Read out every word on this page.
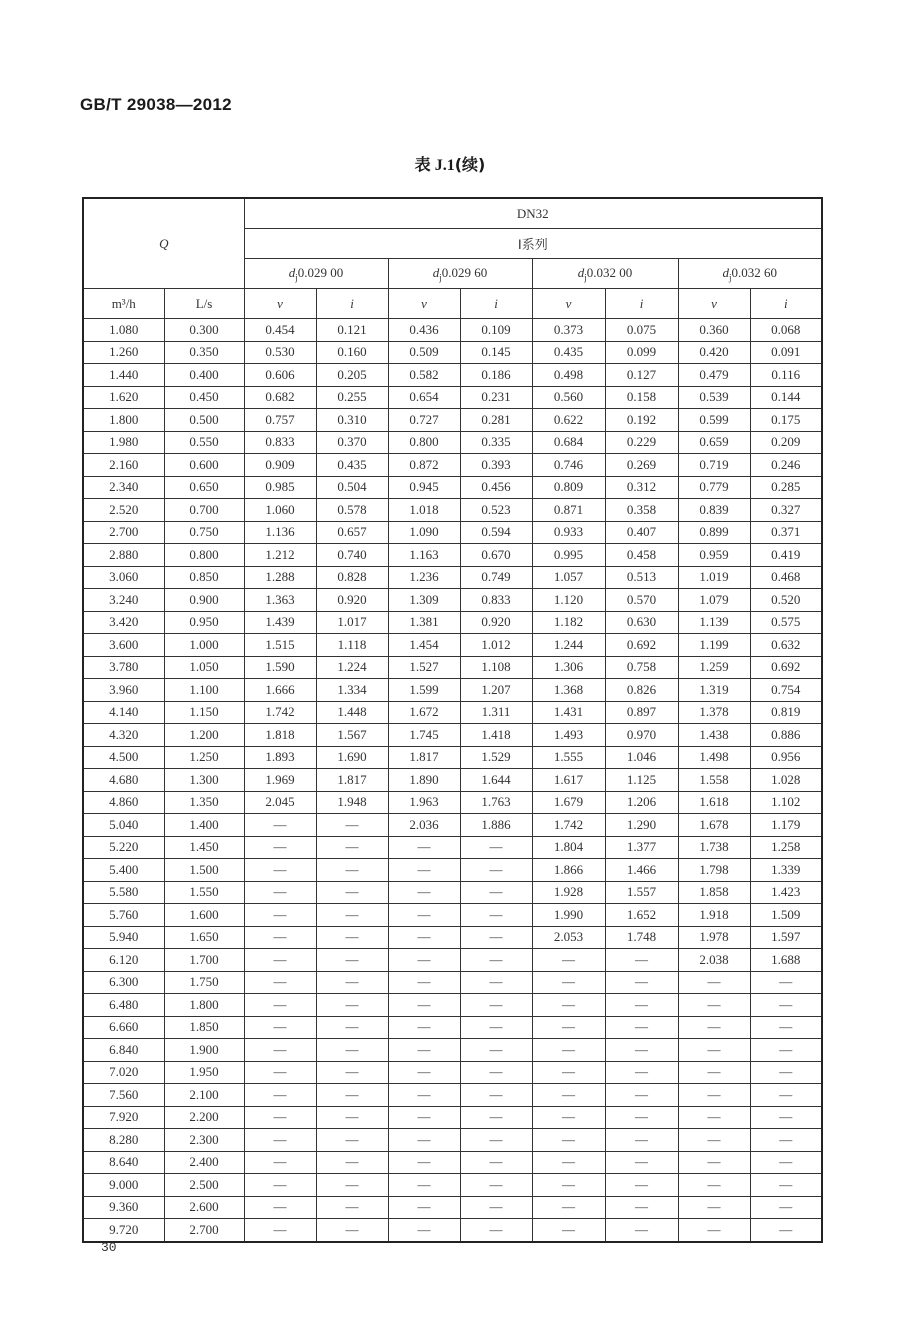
GB/T 29038—2012
表 J.1(续)
Q		DN32							
		Ⅰ系列							
		$d_j0.029$ 00		$d_j0.029$ 60		$d_j0.032$ 00		$d_j0.032$ 60	
m³/h	L/s	v	i	v	i	v	i	v	i
1.080	0.300	0.454	0.121	0.436	0.109	0.373	0.075	0.360	0.068
1.260	0.350	0.530	0.160	0.509	0.145	0.435	0.099	0.420	0.091
1.440	0.400	0.606	0.205	0.582	0.186	0.498	0.127	0.479	0.116
1.620	0.450	0.682	0.255	0.654	0.231	0.560	0.158	0.539	0.144
1.800	0.500	0.757	0.310	0.727	0.281	0.622	0.192	0.599	0.175
1.980	0.550	0.833	0.370	0.800	0.335	0.684	0.229	0.659	0.209
2.160	0.600	0.909	0.435	0.872	0.393	0.746	0.269	0.719	0.246
2.340	0.650	0.985	0.504	0.945	0.456	0.809	0.312	0.779	0.285
2.520	0.700	1.060	0.578	1.018	0.523	0.871	0.358	0.839	0.327
2.700	0.750	1.136	0.657	1.090	0.594	0.933	0.407	0.899	0.371
2.880	0.800	1.212	0.740	1.163	0.670	0.995	0.458	0.959	0.419
3.060	0.850	1.288	0.828	1.236	0.749	1.057	0.513	1.019	0.468
3.240	0.900	1.363	0.920	1.309	0.833	1.120	0.570	1.079	0.520
3.420	0.950	1.439	1.017	1.381	0.920	1.182	0.630	1.139	0.575
3.600	1.000	1.515	1.118	1.454	1.012	1.244	0.692	1.199	0.632
3.780	1.050	1.590	1.224	1.527	1.108	1.306	0.758	1.259	0.692
3.960	1.100	1.666	1.334	1.599	1.207	1.368	0.826	1.319	0.754
4.140	1.150	1.742	1.448	1.672	1.311	1.431	0.897	1.378	0.819
4.320	1.200	1.818	1.567	1.745	1.418	1.493	0.970	1.438	0.886
4.500	1.250	1.893	1.690	1.817	1.529	1.555	1.046	1.498	0.956
4.680	1.300	1.969	1.817	1.890	1.644	1.617	1.125	1.558	1.028
4.860	1.350	2.045	1.948	1.963	1.763	1.679	1.206	1.618	1.102
5.040	1.400	—	—	2.036	1.886	1.742	1.290	1.678	1.179
5.220	1.450	—	—	—	—	1.804	1.377	1.738	1.258
5.400	1.500	—	—	—	—	1.866	1.466	1.798	1.339
5.580	1.550	—	—	—	—	1.928	1.557	1.858	1.423
5.760	1.600	—	—	—	—	1.990	1.652	1.918	1.509
5.940	1.650	—	—	—	—	2.053	1.748	1.978	1.597
6.120	1.700	—	—	—	—	—	—	2.038	1.688
6.300	1.750	—	—	—	—	—	—	—	—
6.480	1.800	—	—	—	—	—	—	—	—
6.660	1.850	—	—	—	—	—	—	—	—
6.840	1.900	—	—	—	—	—	—	—	—
7.020	1.950	—	—	—	—	—	—	—	—
7.560	2.100	—	—	—	—	—	—	—	—
7.920	2.200	—	—	—	—	—	—	—	—
8.280	2.300	—	—	—	—	—	—	—	—
8.640	2.400	—	—	—	—	—	—	—	—
9.000	2.500	—	—	—	—	—	—	—	—
9.360	2.600	—	—	—	—	—	—	—	—
9.720	2.700	—	—	—	—	—	—	—	—
30
